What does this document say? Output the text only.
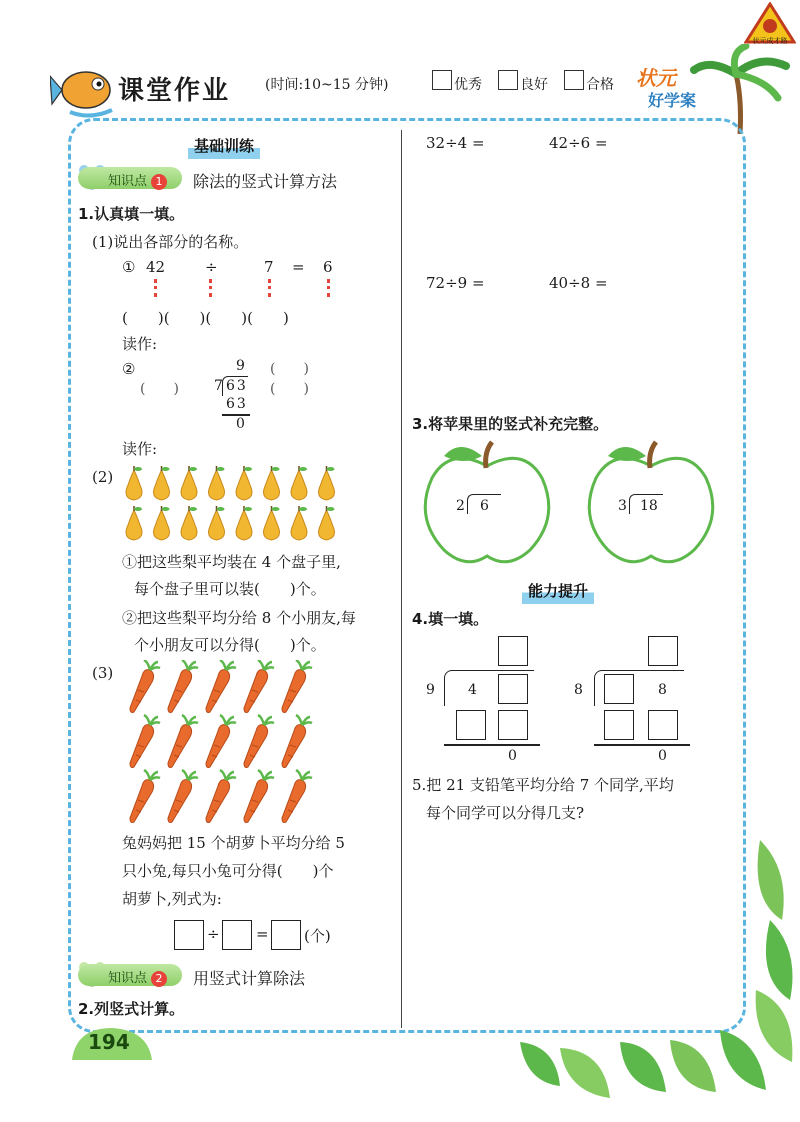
状元成才路
课堂作业 (时间:10~15 分钟)	优秀	良好	合格 状元
好学案
基础训练
知识点 1	除法的竖式计算方法
1.认真填一填。
(1)说出各部分的名称。
① 42	÷	7 = 6
(　　)(　　)(　　)(　　)
读作:
②	9 (　　)
(　　)	7 63 (　　)
63
0
读作:
(2)
①把这些梨平均装在 4 个盘子里,
每个盘子里可以装(　　)个。
②把这些梨平均分给 8 个小朋友,每
个小朋友可以分得(　　)个。
(3)
兔妈妈把 15 个胡萝卜平均分给 5
只小兔,每只小兔可分得(　　)个
胡萝卜,列式为:
÷ = (个)
知识点 2	用竖式计算除法
2.列竖式计算。
32÷4 =	42÷6 =
72÷9 =	40÷8 =
3.将苹果里的竖式补充完整。
2 6	3 18
能力提升
4.填一填。
9 4
0
8	8
0
5.把 21 支铅笔平均分给 7 个同学,平均
每个同学可以分得几支?
194
